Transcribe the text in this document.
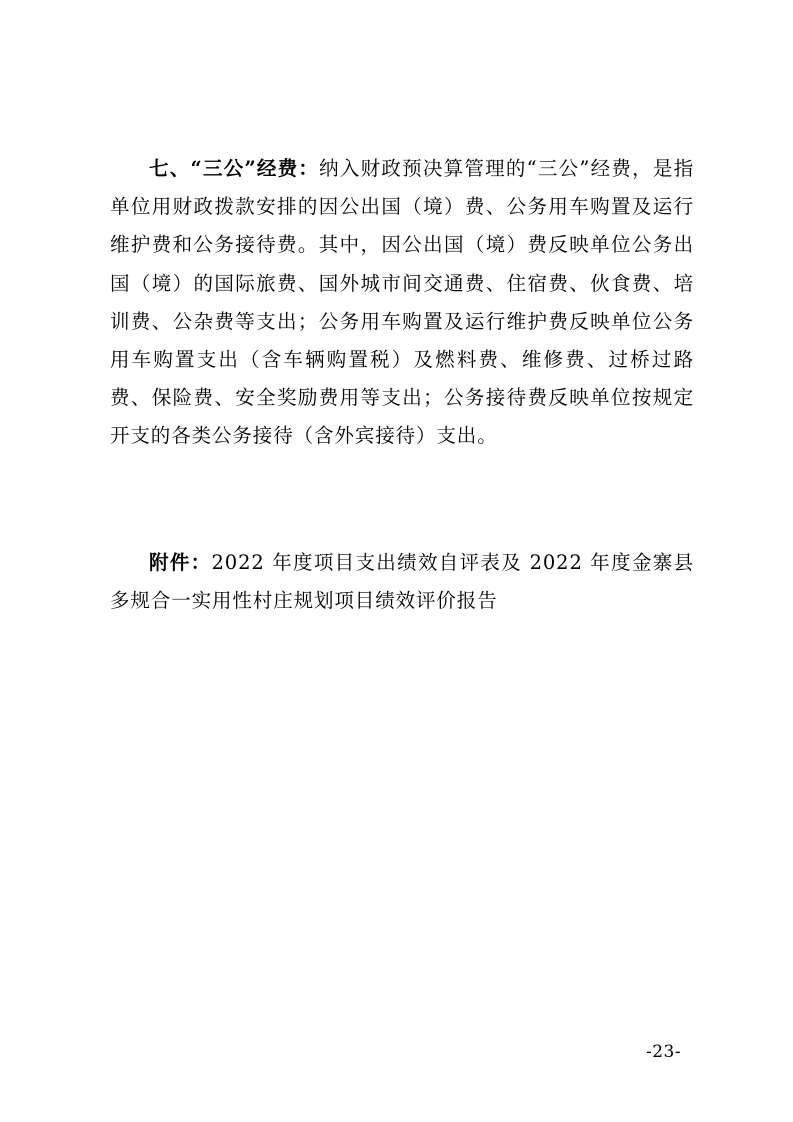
七、“三公”经费：纳入财政预决算管理的“三公”经费，是指单位用财政拨款安排的因公出国（境）费、公务用车购置及运行维护费和公务接待费。其中，因公出国（境）费反映单位公务出国（境）的国际旅费、国外城市间交通费、住宿费、伙食费、培训费、公杂费等支出；公务用车购置及运行维护费反映单位公务用车购置支出（含车辆购置税）及燃料费、维修费、过桥过路费、保险费、安全奖励费用等支出；公务接待费反映单位按规定开支的各类公务接待（含外宾接待）支出。

附件：2022 年度项目支出绩效自评表及 2022 年度金寨县多规合一实用性村庄规划项目绩效评价报告

-23-
